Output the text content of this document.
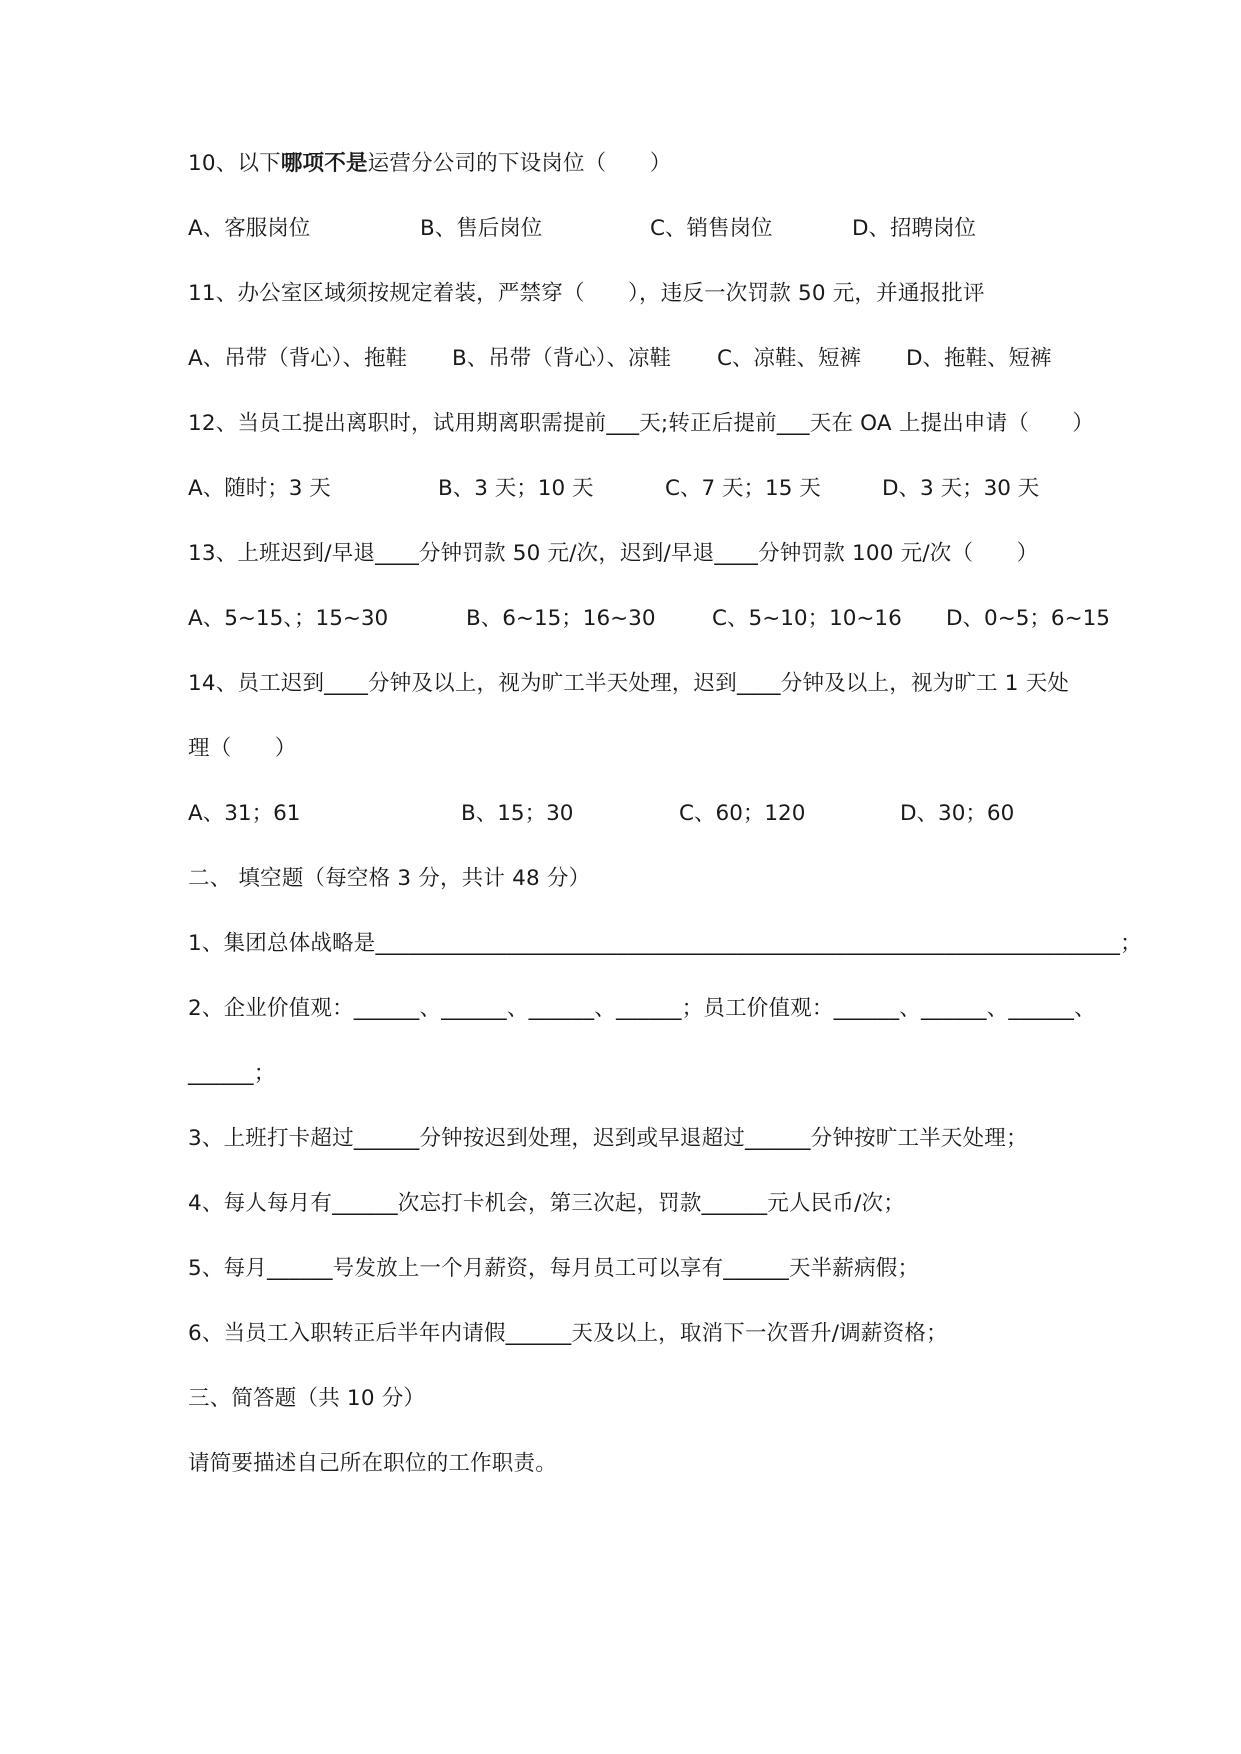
10、以下哪项不是运营分公司的下设岗位（　　）
A、客服岗位	B、售后岗位	C、销售岗位	D、招聘岗位
11、办公室区域须按规定着装，严禁穿（　　），违反一次罚款 50 元，并通报批评
A、吊带（背心）、拖鞋 B、吊带（背心）、凉鞋 C、凉鞋、短裤 D、拖鞋、短裤
12、当员工提出离职时，试用期离职需提前___天;转正后提前___天在 OA 上提出申请（　　）
A、随时；3 天	B、3 天；10 天	C、7 天；15 天	D、3 天；30 天
13、上班迟到/早退____分钟罚款 50 元/次，迟到/早退____分钟罚款 100 元/次（　　）
A、5~15、；15~30	B、6~15；16~30	C、5~10；10~16 D、0~5；6~15
14、员工迟到____分钟及以上，视为旷工半天处理，迟到____分钟及以上，视为旷工 1 天处
理（　　）
A、31；61	B、15；30	C、60；120	D、30；60
二、 填空题（每空格 3 分，共计 48 分）
1、集团总体战略是____________________________________________________________________；
2、企业价值观：______、______、______、______；员工价值观：______、______、______、
______；
3、上班打卡超过______分钟按迟到处理，迟到或早退超过______分钟按旷工半天处理；
4、每人每月有______次忘打卡机会，第三次起，罚款______元人民币/次；
5、每月______号发放上一个月薪资，每月员工可以享有______天半薪病假；
6、当员工入职转正后半年内请假______天及以上，取消下一次晋升/调薪资格；
三、简答题（共 10 分）
请简要描述自己所在职位的工作职责。
